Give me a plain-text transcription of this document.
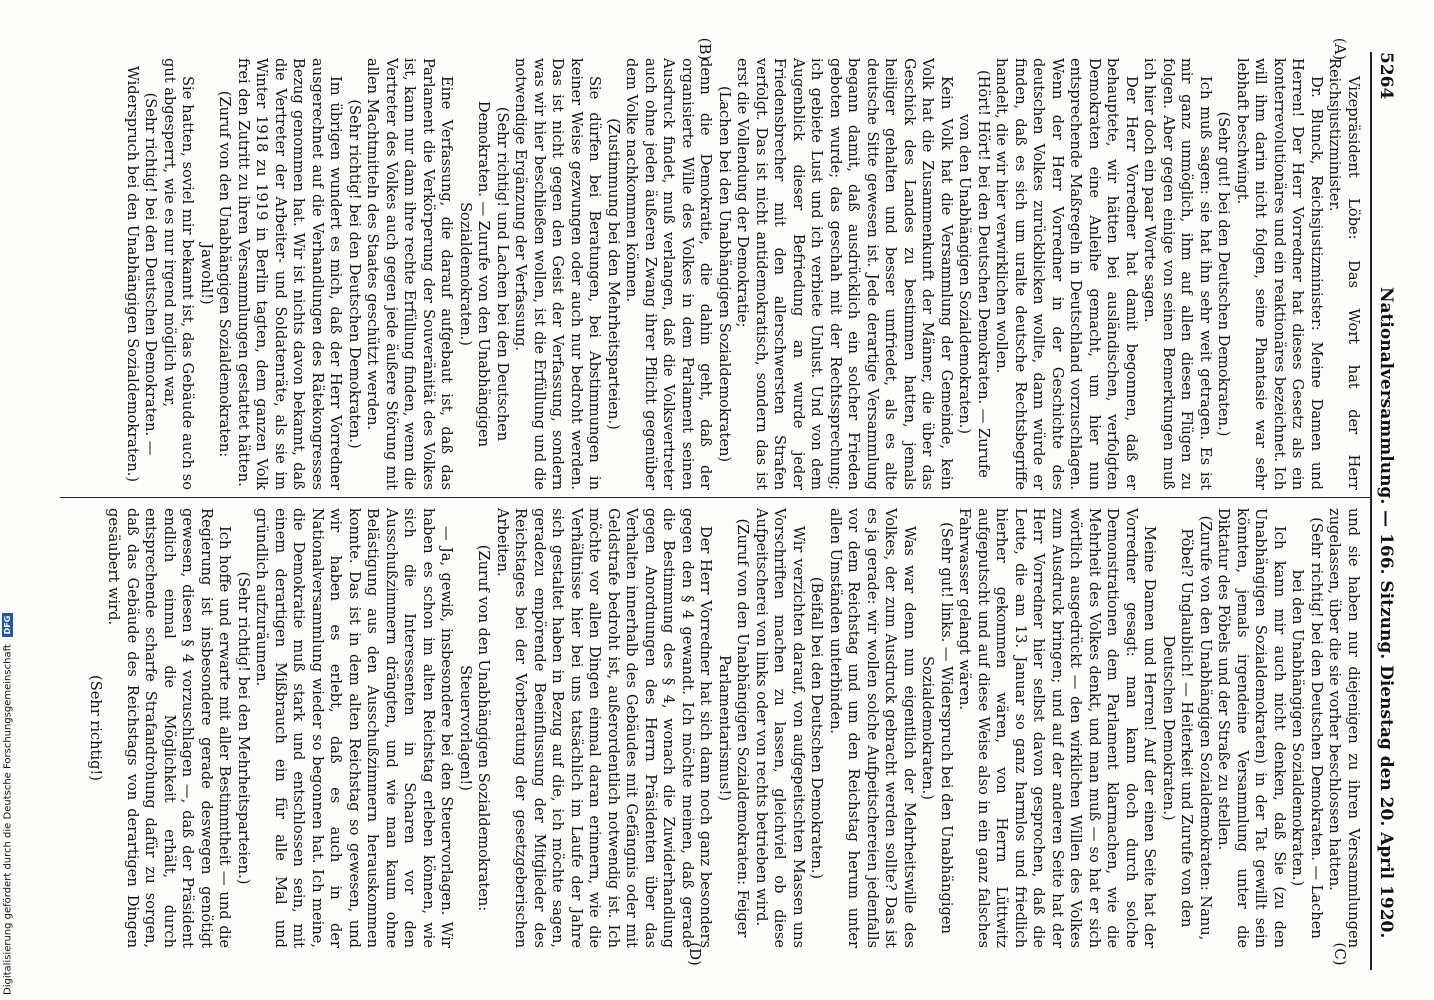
5264
Nationalversammlung. — 166. Sitzung. Dienstag den 20. April 1920.

Vizepräsident Löbe: Das Wort hat der Herr Reichsjustizminister.

Dr. Blunck, Reichsjustizminister: Meine Damen und Herren! Der Herr Vorredner hat dieses Gesetz als ein konterrevolutionäres und ein reaktionäres bezeichnet. Ich will ihm darin nicht folgen, seine Phantasie war sehr lebhaft beschwingt.

(Sehr gut! bei den Deutschen Demokraten.)

Ich muß sagen: sie hat ihn sehr weit getragen. Es ist mir ganz unmöglich, ihm auf allen diesen Flügen zu folgen. Aber gegen einige von seinen Bemerkungen muß ich hier doch ein paar Worte sagen.

Der Herr Vorredner hat damit begonnen, daß er behauptete, wir hätten bei ausländischen, verfolgten Demokraten eine Anleihe gemacht, um hier nun entsprechende Maßregeln in Deutschland vorzuschlagen. Wenn der Herr Vorredner in der Geschichte des deutschen Volkes zurückblicken wollte, dann würde er finden, daß es sich um uralte deutsche Rechtsbegriffe handelt, die wir hier verwirklichen wollen.

(Hört! Hört! bei den Deutschen Demokraten. — Zurufe von den Unabhängigen Sozialdemokraten.)

Kein Volk hat die Versammlung der Gemeinde, kein Volk hat die Zusammenkunft der Männer, die über das Geschick des Landes zu bestimmen hatten, jemals heiliger gehalten und besser umfriedet, als es alte deutsche Sitte gewesen ist. Jede derartige Versammlung begann damit, daß ausdrücklich ein solcher Frieden geboten wurde; das geschah mit der Rechtssprechung; ich gebiete Lust und ich verbiete Unlust. Und von dem Augenblick dieser Befriedung an wurde jeder Friedensbrecher mit den allerschwersten Strafen verfolgt. Das ist nicht antidemokratisch, sondern das ist erst die Vollendung der Demokratie;

(Lachen bei den Unabhängigen Sozialdemokraten)

denn die Demokratie, die dahin geht, daß der organisierte Wille des Volkes in dem Parlament seinen Ausdruck findet, muß verlangen, daß die Volksvertreter auch ohne jeden äußeren Zwang ihrer Pflicht gegenüber dem Volke nachkommen können.

(Zustimmung bei den Mehrheitsparteien.)

Sie dürfen bei Beratungen, bei Abstimmungen in keiner Weise gezwungen oder auch nur bedroht werden. Das ist nicht gegen den Geist der Verfassung, sondern was wir hier beschließen wollen, ist die Erfüllung und die notwendige Ergänzung der Verfassung.

(Sehr richtig! und Lachen bei den Deutschen Demokraten. — Zurufe von den Unabhängigen Sozialdemokraten.)

Eine Verfassung, die darauf aufgebaut ist, daß das Parlament die Verkörperung der Souveränität des Volkes ist, kann nur dann ihre rechte Erfüllung finden, wenn die Vertreter des Volkes auch gegen jede äußere Störung mit allen Machtmitteln des Staates geschützt werden.

(Sehr richtig! bei den Deutschen Demokraten.)

Im übrigen wundert es mich, daß der Herr Vorredner ausgerechnet auf die Verhandlungen des Rätekongresses Bezug genommen hat. Wir ist nichts davon bekannt, daß die Vertreter der Arbeiter- und Soldatenräte, als sie im Winter 1918 zu 1919 in Berlin tagten, dem ganzen Volk frei den Zutritt zu ihren Versammlungen gestattet hätten.

(Zuruf von den Unabhängigen Sozialdemokraten: Jawohl!)

Sie hatten, soviel mir bekannt ist, das Gebäude auch so gut abgesperrt, wie es nur irgend möglich war,

(Sehr richtig! bei den Deutschen Demokraten. — Widerspruch bei den Unabhängigen Sozialdemokraten.)

und sie haben nur diejenigen zu ihren Versammlungen zugelassen, über die sie vorher beschlossen hatten.

(Sehr richtig! bei den Deutschen Demokraten. — Lachen bei den Unabhängigen Sozialdemokraten.)

Ich kann mir auch nicht denken, daß Sie (zu den Unabhängigen Sozialdemokraten) in der Tat gewillt sein könnten, jemals irgendeine Versammlung unter die Diktatur des Pöbels und der Straße zu stellen.

(Zurufe von den Unabhängigen Sozialdemokraten: Nanu, Pöbel? Unglaublich! — Heiterkeit und Zurufe von den Deutschen Demokraten.)

Meine Damen und Herren! Auf der einen Seite hat der Vorredner gesagt: man kann doch durch solche Demonstrationen dem Parlament klarmachen, wie die Mehrheit des Volkes denkt, und man muß — so hat er sich wörtlich ausgedrückt — den wirklichen Willen des Volkes zum Ausdruck bringen; und auf der anderen Seite hat der Herr Vorredner hier selbst davon gesprochen, daß die Leute, die am 13. Januar so ganz harmlos und friedlich hierher gekommen wären, von Herrn Lüttwitz aufgeputscht und auf diese Weise also in ein ganz falsches Fahrwasser gelangt wären.

(Sehr gut! links. — Widerspruch bei den Unabhängigen Sozialdemokraten.)

Was war denn nun eigentlich der Mehrheitswille des Volkes, der zum Ausdruck gebracht werden sollte? Das ist es ja gerade: wir wollen solche Aufpeitschereien jedenfalls vor dem Reichstag und um den Reichstag herum unter allen Umständen unterbinden.

(Beifall bei den Deutschen Demokraten.)

Wir verzichten darauf, von aufgepeitschten Massen uns Vorschriften machen zu lassen, gleichviel ob diese Aufpeitscherei von links oder von rechts betrieben wird.

(Zuruf von den Unabhängigen Sozialdemokraten: Feiger Parlamentarismus!)

Der Herr Vorredner hat sich dann noch ganz besonders gegen den § 4 gewandt. Ich möchte meinen, daß gerade die Bestimmung des § 4, wonach die Zuwiderhandlung gegen Anordnungen des Herrn Präsidenten über das Verhalten innerhalb des Gebäudes mit Gefängnis oder mit Geldstrafe bedroht ist, außerordentlich notwendig ist. Ich möchte vor allen Dingen einmal daran erinnern, wie die Verhältnisse hier bei uns tatsächlich im Laufe der Jahre sich gestaltet haben in Bezug auf die, ich möchte sagen, geradezu empörende Beeinflussung der Mitglieder des Reichstages bei der Vorberatung der gesetzgeberischen Arbeiten.

(Zuruf von den Unabhängigen Sozialdemokraten: Steuervorlagen!)

— Ja, gewiß, insbesondere bei den Steuervorlagen. Wir haben es schon im alten Reichstag erleben können, wie sich die Interessenten in Scharen vor den Ausschußzimmern drängten, und wie man kaum ohne Belästigung aus den Ausschußzimmern herauskommen konnte. Das ist in dem alten Reichstag so gewesen, und wir haben es erlebt, daß es auch in der Nationalversammlung wieder so begonnen hat. Ich meine, die Demokratie muß stark und entschlossen sein, mit einem derartigen Mißbrauch ein für alle Mal und gründlich aufzuräumen.

(Sehr richtig! bei den Mehrheitsparteien.)

Ich hoffe und erwarte mit aller Bestimmtheit — und die Regierung ist insbesondere gerade deswegen genötigt gewesen, diesen § 4 vorzuschlagen —, daß der Präsident endlich einmal die Möglichkeit erhält, durch entsprechende scharfe Strafandrohung dafür zu sorgen, daß das Gebäude des Reichstags von derartigen Dingen gesäubert wird.

(Sehr richtig!)

(A)
(B)
(C)
(D)
Digitalisierung gefördert durch die Deutsche Forschungsgemeinschaft DFG
